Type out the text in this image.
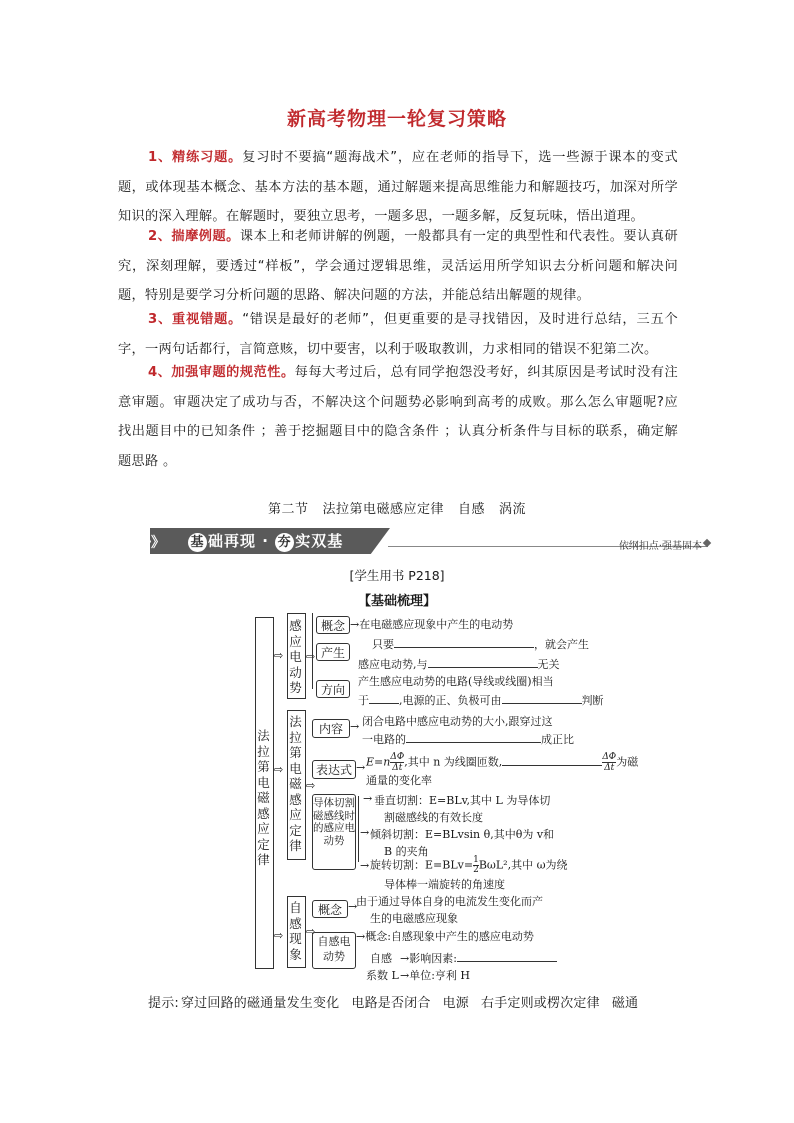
新高考物理一轮复习策略
1、精练习题。复习时不要搞“题海战术”，应在老师的指导下，选一些源于课本的变式题，或体现基本概念、基本方法的基本题，通过解题来提高思维能力和解题技巧，加深对所学知识的深入理解。在解题时，要独立思考，一题多思，一题多解，反复玩味，悟出道理。
2、揣摩例题。课本上和老师讲解的例题，一般都具有一定的典型性和代表性。要认真研究，深刻理解，要透过“样板”，学会通过逻辑思维，灵活运用所学知识去分析问题和解决问题，特别是要学习分析问题的思路、解决问题的方法，并能总结出解题的规律。
3、重视错题。“错误是最好的老师”，但更重要的是寻找错因，及时进行总结，三五个字，一两句话都行，言简意赅，切中要害，以利于吸取教训，力求相同的错误不犯第二次。
4、加强审题的规范性。每每大考过后，总有同学抱怨没考好，纠其原因是考试时没有注意审题。审题决定了成功与否，不解决这个问题势必影响到高考的成败。那么怎么审题呢?应找出题目中的已知条件 ；善于挖掘题目中的隐含条件 ；认真分析条件与目标的联系，确定解题思路 。
第二节 法拉第电磁感应定律 自感 涡流
》》 基 础再现 · 夯 实双基	依纲扣点·强基固本
[学生用书 P218]
【基础梳理】
法拉第电磁感应定律
⇨
⇨
⇨
感应电动势
⇨
概念 →在电磁感应现象中产生的电动势
产生
只要	，就会产生
感应电动势,与	无关
方向
产生感应电动势的电路(导线或线圈)相当
于	,电源的正、负极可由	判断
法拉第电磁感应定律
⇨
内容 → 闭合电路中感应电动势的大小,跟穿过这
一电路的	成正比
表达式 → $E=n \frac{\Delta\Phi}{\Delta t}$ ,其中 n 为线圈匝数,	$\frac{\Delta\Phi}{\Delta t}$ 为磁
通量的变化率
导体切割磁感线时的感应电动势
→ 垂直切割：E=BLv,其中 L 为导体切
割磁感线的有效长度
→ 倾斜切割：E=BLvsin θ,其中θ为 v和
B 的夹角
→ 旋转切割：$E=BLv= \frac{1}{2} B\omega L^2$,其中 ω为绕
导体棒一端旋转的角速度
自感现象
⇨
概念 →
由于通过导体自身的电流发生变化而产
生的电磁感应现象
自感电动势
→概念:自感现象中产生的感应电动势
自感
系数 L
→影响因素:
→单位:亨利 H
提示: 穿过回路的磁通量发生变化 电路是否闭合 电源 右手定则或楞次定律 磁通
